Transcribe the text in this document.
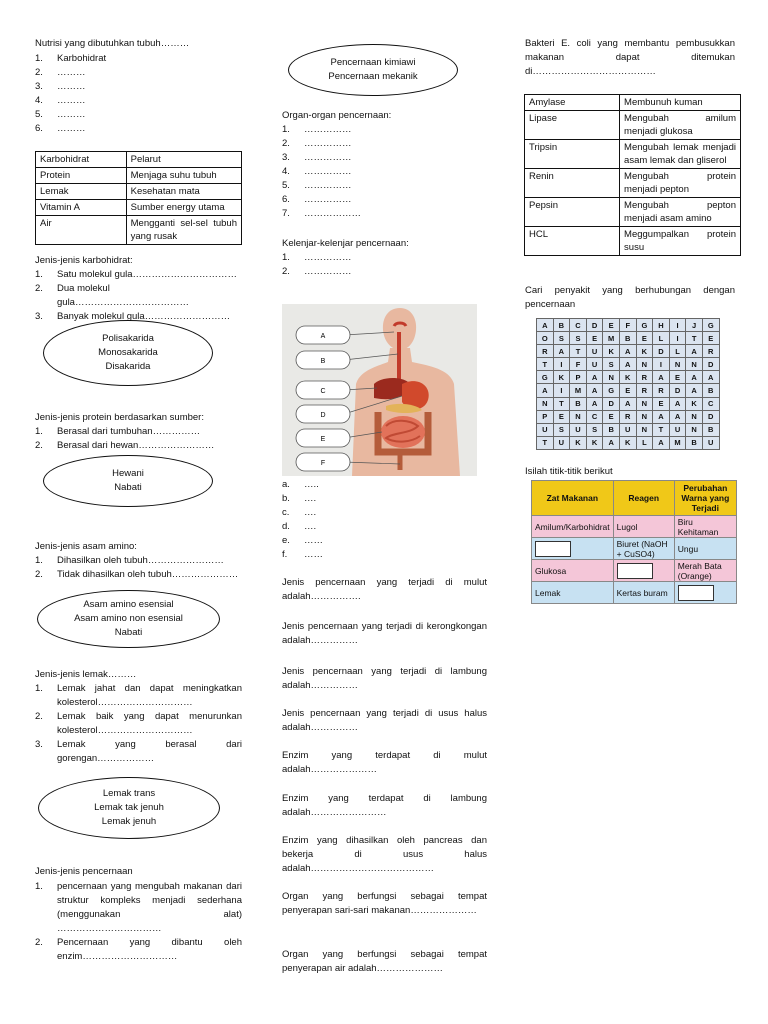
Nutrisi yang dibutuhkan tubuh………
1. Karbohidrat
2. ………
3. ………
4. ………
5. ………
6. ………
Karbohidrat	Pelarut

Protein	Menjaga suhu tubuh

Lemak	Kesehatan mata

Vitamin A	Sumber energy utama

Air	Mengganti sel-sel tubuh yang rusak
Jenis-jenis karbohidrat:
1. Satu molekul gula……………………………
2. Dua molekul gula………………………………
3. Banyak molekul gula………………………
Polisakarida
Monosakarida
Disakarida
Jenis-jenis protein berdasarkan sumber:
1. Berasal dari tumbuhan……………
2. Berasal dari hewan……………………
Hewani
Nabati
Jenis-jenis asam amino:
1. Dihasilkan oleh tubuh……………………
2. Tidak dihasilkan oleh tubuh…………………
Asam amino esensial
Asam amino non esensial
Nabati
Jenis-jenis lemak………
1. Lemak jahat dan dapat meningkatkan kolesterol…………………………
2. Lemak baik yang dapat menurunkan kolesterol…………………………
3. Lemak yang berasal dari gorengan………………
Lemak trans
Lemak tak jenuh
Lemak jenuh
Jenis-jenis pencernaan
1. pencernaan yang mengubah makanan dari struktur kompleks menjadi sederhana (menggunakan alat) ……………………………
2. Pencernaan yang dibantu oleh enzim…………………………
Pencernaan kimiawi
Pencernaan mekanik
Organ-organ pencernaan:
1. ……………
2. ……………
3. ……………
4. ……………
5. ……………
6. ……………
7. ………………
Kelenjar-kelenjar pencernaan:
1. ……………
2. ……………
A
B
C
D
E
F
a. …..
b. ….
c. ….
d. ….
e. ……
f. ……
Jenis pencernaan yang terjadi di mulut adalah…………….
Jenis pencernaan yang terjadi di kerongkongan adalah……………
Jenis pencernaan yang terjadi di lambung adalah……………
Jenis pencernaan yang terjadi di usus halus adalah……………
Enzim yang terdapat di mulut adalah…………………
Enzim yang terdapat di lambung adalah……………………
Enzim yang dihasilkan oleh pancreas dan bekerja di usus halus adalah…………………………………
Organ yang berfungsi sebagai tempat penyerapan sari-sari makanan…………………
Organ yang berfungsi sebagai tempat penyerapan air adalah…………………
Bakteri E. coli yang membantu pembusukkan makanan dapat ditemukan di…………………………………
Amylase	Membunuh kuman

Lipase	Mengubah amilum menjadi glukosa

Tripsin	Mengubah lemak menjadi asam lemak dan gliserol

Renin	Mengubah protein menjadi pepton

Pepsin	Mengubah pepton menjadi asam amino

HCL	Meggumpalkan protein susu
Cari penyakit yang berhubungan dengan pencernaan
A	B	C	D	E	F	G	H	I	J	G
O	S	S	E	M	B	E	L	I	T	E
R	A	T	U	K	A	K	D	L	A	R
T	I	F	U	S	A	N	I	N	N	D
G	K	P	A	N	K	R	A	E	A	A
A	I	M	A	G	E	R	R	D	A	B
N	T	B	A	D	A	N	E	A	K	C
P	E	N	C	E	R	N	A	A	N	D
U	S	U	S	B	U	N	T	U	N	B
T	U	K	K	A	K	L	A	M	B	U
Isilah titik-titik berikut
Zat Makanan	Reagen	Perubahan Warna yang Terjadi
Amilum/Karbohidrat	Lugol	Biru Kehitaman
	Biuret (NaOH + CuSO4)	Ungu
Glukosa		Merah Bata (Orange)
Lemak	Kertas buram	
